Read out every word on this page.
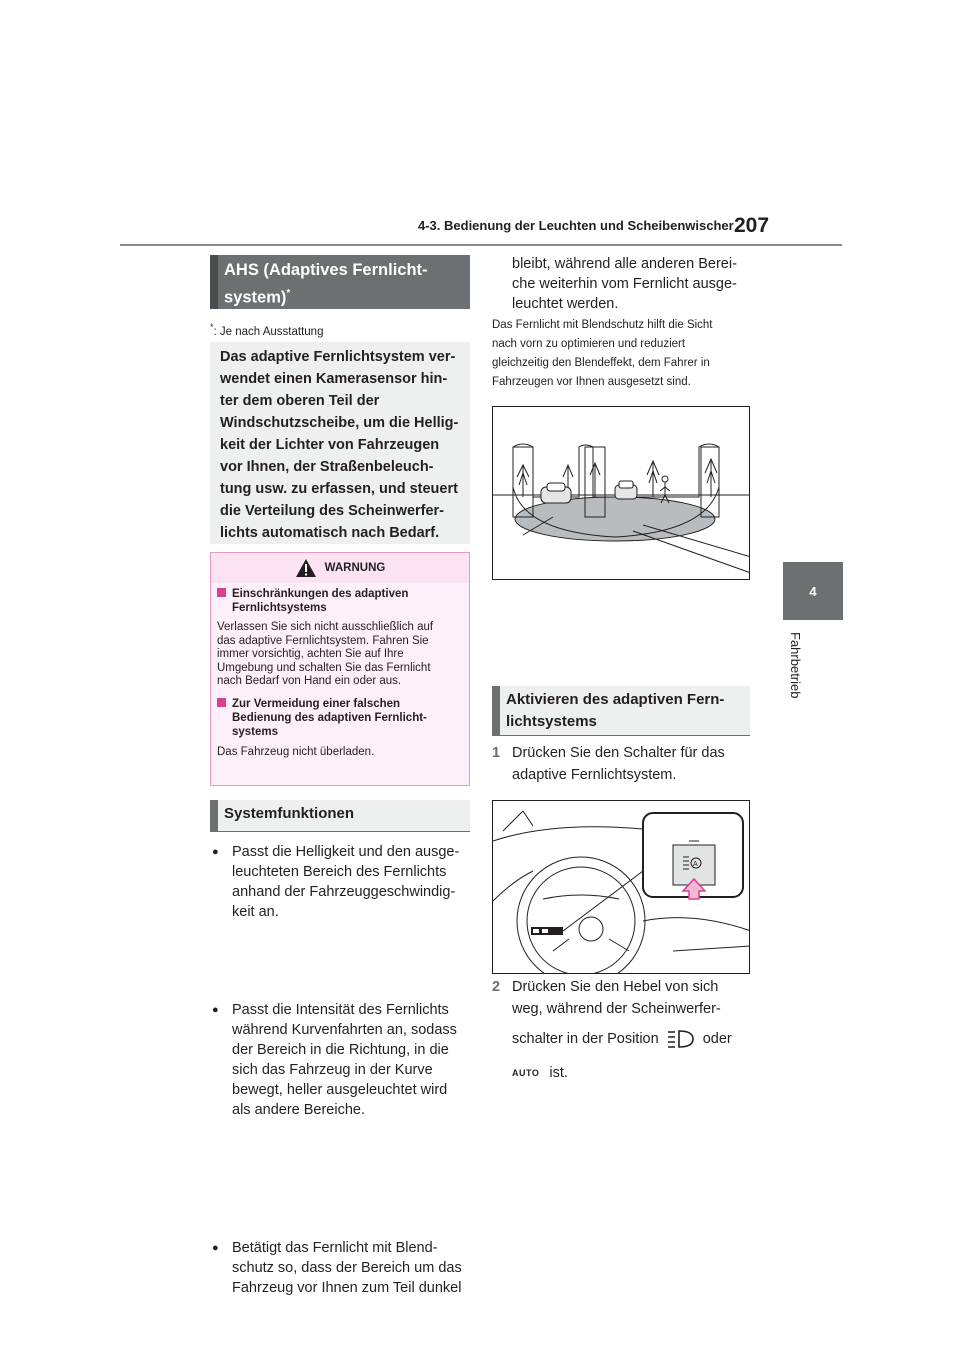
4-3. Bedienung der Leuchten und Scheibenwischer 207
4
Fahrbetrieb
AHS (Adaptives Fernlicht-
system)*
*: Je nach Ausstattung
Das adaptive Fernlichtsystem ver-
wendet einen Kamerasensor hin-
ter dem oberen Teil der
Windschutzscheibe, um die Hellig-
keit der Lichter von Fahrzeugen
vor Ihnen, der Straßenbeleuch-
tung usw. zu erfassen, und steuert
die Verteilung des Scheinwerfer-
lichts automatisch nach Bedarf.
WARNUNG
Einschränkungen des adaptiven
Fernlichtsystems
Verlassen Sie sich nicht ausschließlich auf
das adaptive Fernlichtsystem. Fahren Sie
immer vorsichtig, achten Sie auf Ihre
Umgebung und schalten Sie das Fernlicht
nach Bedarf von Hand ein oder aus.
Zur Vermeidung einer falschen
Bedienung des adaptiven Fernlicht-
systems
Das Fahrzeug nicht überladen.
Systemfunktionen
● Passt die Helligkeit und den ausge-
leuchteten Bereich des Fernlichts
anhand der Fahrzeuggeschwindig-
keit an.
● Passt die Intensität des Fernlichts
während Kurvenfahrten an, sodass
der Bereich in die Richtung, in die
sich das Fahrzeug in der Kurve
bewegt, heller ausgeleuchtet wird
als andere Bereiche.
● Betätigt das Fernlicht mit Blend-
schutz so, dass der Bereich um das
Fahrzeug vor Ihnen zum Teil dunkel
bleibt, während alle anderen Berei-
che weiterhin vom Fernlicht ausge-
leuchtet werden.
Das Fernlicht mit Blendschutz hilft die Sicht
nach vorn zu optimieren und reduziert
gleichzeitig den Blendeffekt, dem Fahrer in
Fahrzeugen vor Ihnen ausgesetzt sind.
●
Aktivieren des adaptiven Fern-
lichtsystems
1 Drücken Sie den Schalter für das
adaptive Fernlichtsystem.
A
2 Drücken Sie den Hebel von sich
weg, während der Scheinwerfer-
schalter in der Position	oder
AUTO ist.
